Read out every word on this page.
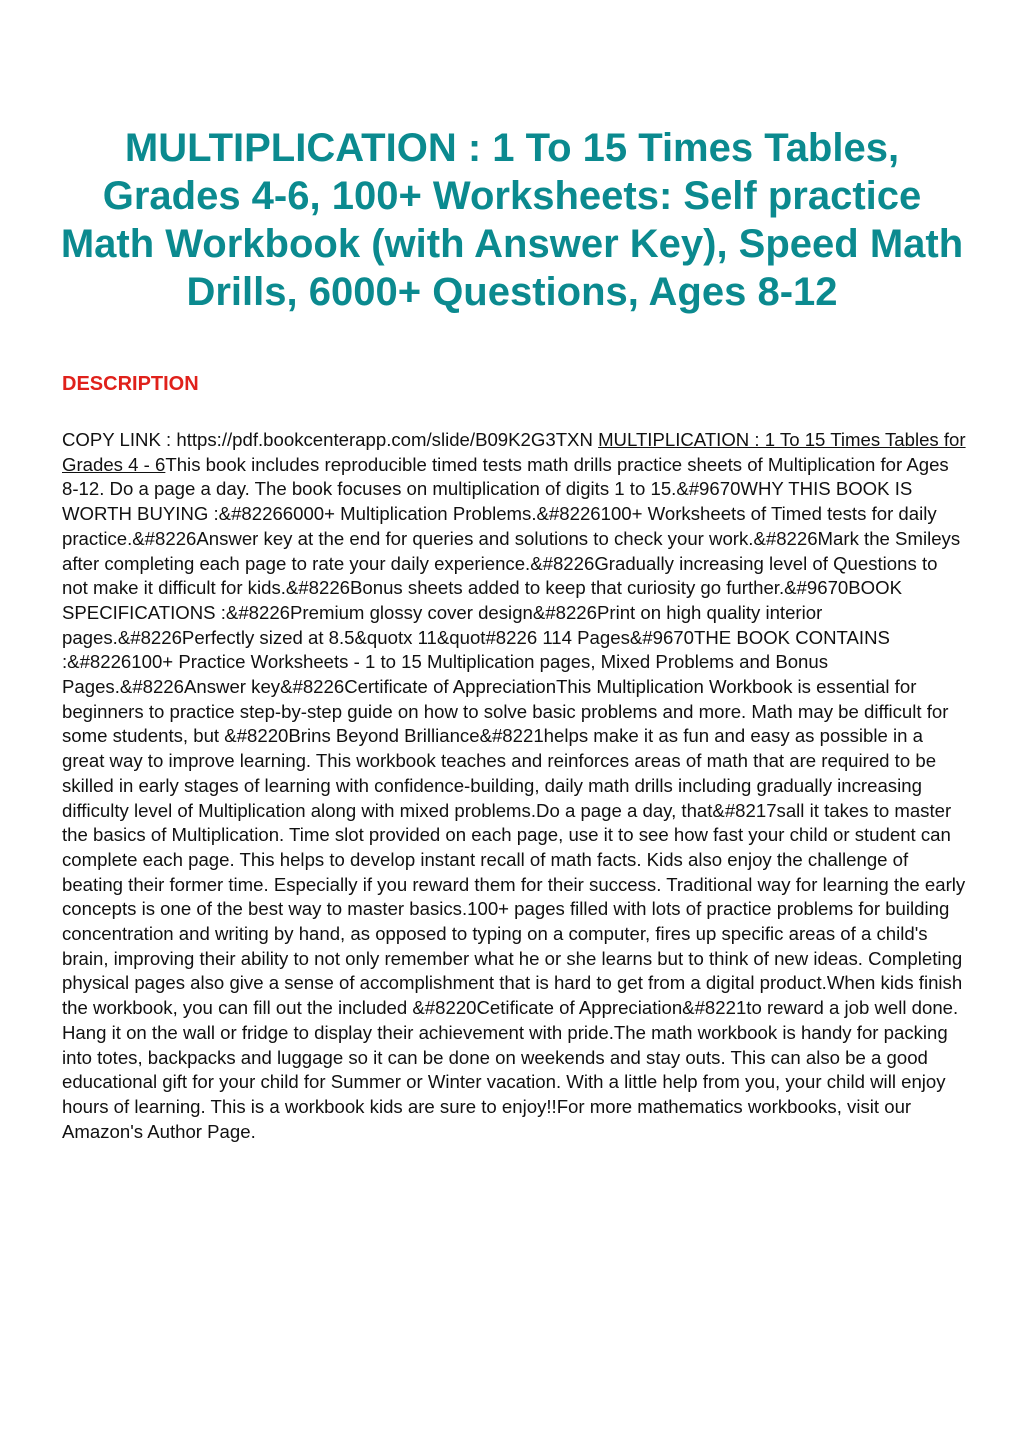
MULTIPLICATION : 1 To 15 Times Tables, Grades 4-6, 100+ Worksheets: Self practice Math Workbook (with Answer Key), Speed Math Drills, 6000+ Questions, Ages 8-12
DESCRIPTION

COPY LINK : https://pdf.bookcenterapp.com/slide/B09K2G3TXN MULTIPLICATION : 1 To 15 Times Tables for Grades 4 - 6This book includes reproducible timed tests math drills practice sheets of Multiplication for Ages 8-12. Do a page a day. The book focuses on multiplication of digits 1 to 15.&#9670WHY THIS BOOK IS WORTH BUYING :&#82266000+ Multiplication Problems.&#8226100+ Worksheets of Timed tests for daily practice.&#8226Answer key at the end for queries and solutions to check your work.&#8226Mark the Smileys after completing each page to rate your daily experience.&#8226Gradually increasing level of Questions to not make it difficult for kids.&#8226Bonus sheets added to keep that curiosity go further.&#9670BOOK SPECIFICATIONS :&#8226Premium glossy cover design&#8226Print on high quality interior pages.&#8226Perfectly sized at 8.5&quotx 11&quot#8226 114 Pages&#9670THE BOOK CONTAINS :&#8226100+ Practice Worksheets - 1 to 15 Multiplication pages, Mixed Problems and Bonus Pages.&#8226Answer key&#8226Certificate of AppreciationThis Multiplication Workbook is essential for beginners to practice step-by-step guide on how to solve basic problems and more. Math may be difficult for some students, but &#8220Brins Beyond Brilliance&#8221helps make it as fun and easy as possible in a great way to improve learning. This workbook teaches and reinforces areas of math that are required to be skilled in early stages of learning with confidence-building, daily math drills including gradually increasing difficulty level of Multiplication along with mixed problems.Do a page a day, that&#8217sall it takes to master the basics of Multiplication. Time slot provided on each page, use it to see how fast your child or student can complete each page. This helps to develop instant recall of math facts. Kids also enjoy the challenge of beating their former time. Especially if you reward them for their success. Traditional way for learning the early concepts is one of the best way to master basics.100+ pages filled with lots of practice problems for building concentration and writing by hand, as opposed to typing on a computer, fires up specific areas of a child's brain, improving their ability to not only remember what he or she learns but to think of new ideas. Completing physical pages also give a sense of accomplishment that is hard to get from a digital product.When kids finish the workbook, you can fill out the included &#8220Cetificate of Appreciation&#8221to reward a job well done. Hang it on the wall or fridge to display their achievement with pride.The math workbook is handy for packing into totes, backpacks and luggage so it can be done on weekends and stay outs. This can also be a good educational gift for your child for Summer or Winter vacation. With a little help from you, your child will enjoy hours of learning. This is a workbook kids are sure to enjoy!!For more mathematics workbooks, visit our Amazon's Author Page.
